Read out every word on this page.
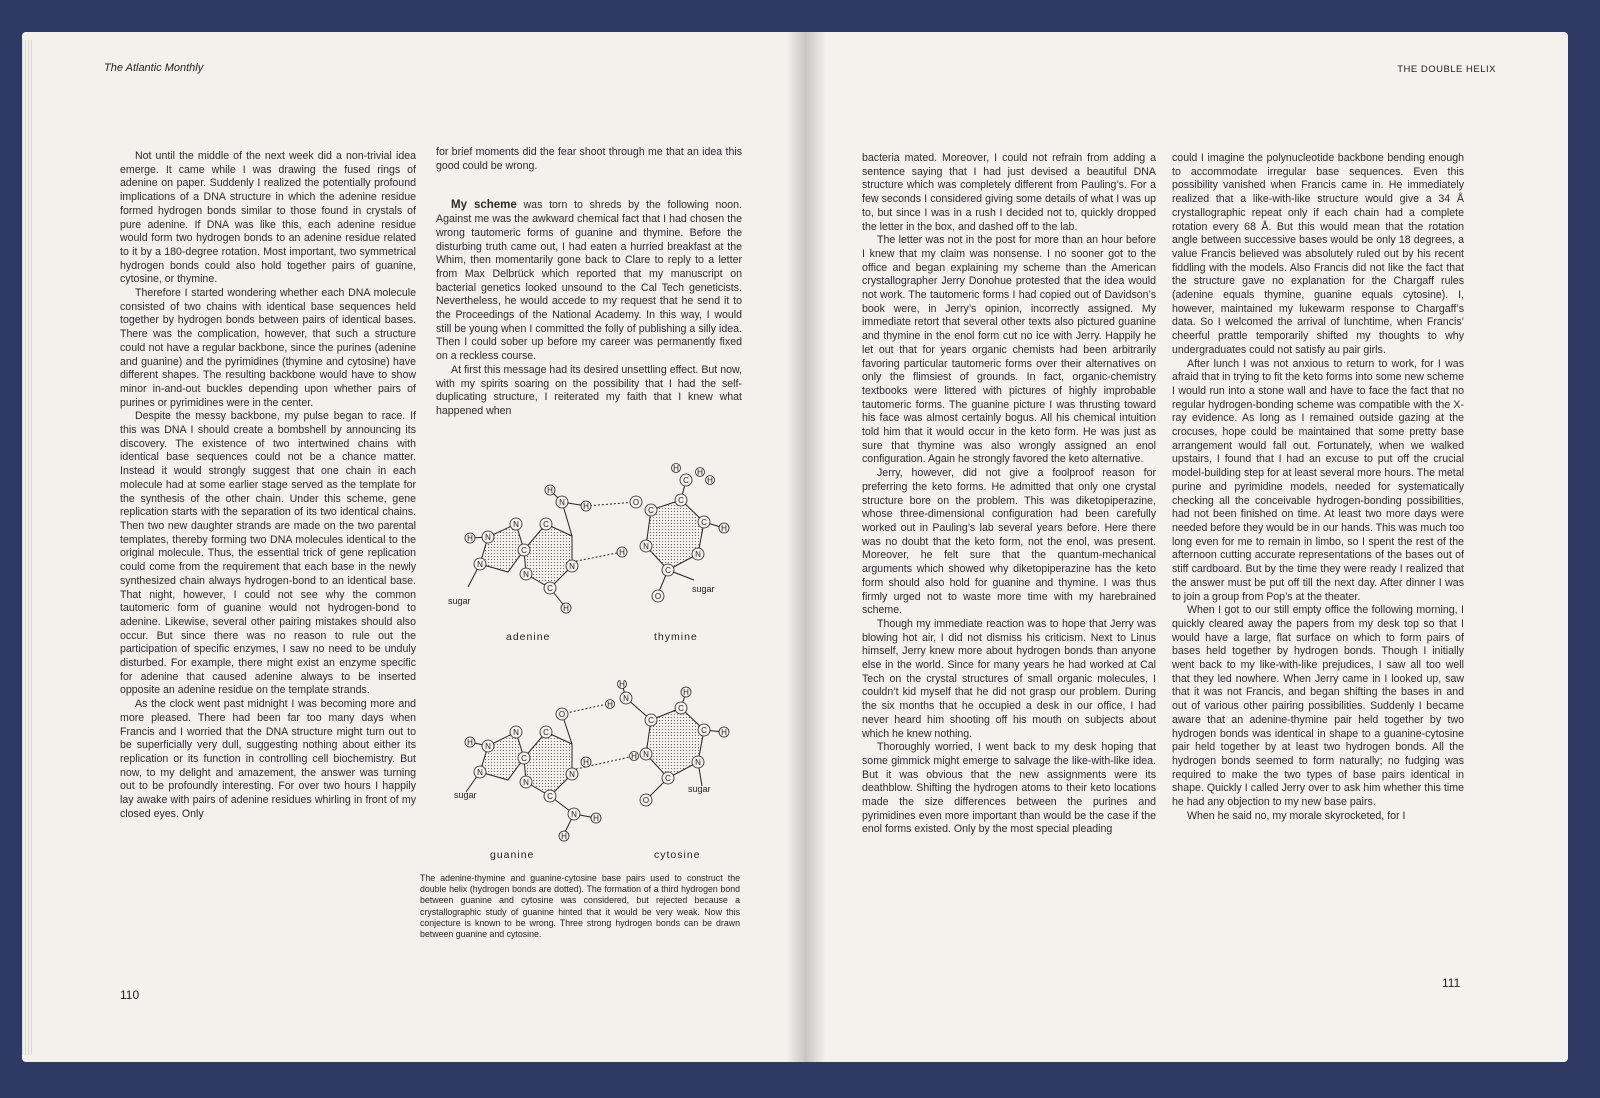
The Atlantic Monthly	THE DOUBLE HELIX

Not until the middle of the next week did a non-trivial idea emerge. It came while I was drawing the fused rings of adenine on paper. Suddenly I realized the potentially profound implications of a DNA structure in which the adenine residue formed hydrogen bonds similar to those found in crystals of pure adenine. If DNA was like this, each adenine residue would form two hydrogen bonds to an adenine residue related to it by a 180-degree rotation. Most important, two symmetrical hydrogen bonds could also hold together pairs of guanine, cytosine, or thymine.

Therefore I started wondering whether each DNA molecule consisted of two chains with identical base sequences held together by hydrogen bonds between pairs of identical bases. There was the complication, however, that such a structure could not have a regular backbone, since the purines (adenine and guanine) and the pyrimidines (thymine and cytosine) have different shapes. The resulting backbone would have to show minor in-and-out buckles depending upon whether pairs of purines or pyrimidines were in the center.

Despite the messy backbone, my pulse began to race. If this was DNA I should create a bombshell by announcing its discovery. The existence of two intertwined chains with identical base sequences could not be a chance matter. Instead it would strongly suggest that one chain in each molecule had at some earlier stage served as the template for the synthesis of the other chain. Under this scheme, gene replication starts with the separation of its two identical chains. Then two new daughter strands are made on the two parental templates, thereby forming two DNA molecules identical to the original molecule. Thus, the essential trick of gene replication could come from the requirement that each base in the newly synthesized chain always hydrogen-bond to an identical base. That night, however, I could not see why the common tautomeric form of guanine would not hydrogen-bond to adenine. Likewise, several other pairing mistakes should also occur. But since there was no reason to rule out the participation of specific enzymes, I saw no need to be unduly disturbed. For example, there might exist an enzyme specific for adenine that caused adenine always to be inserted opposite an adenine residue on the template strands.

As the clock went past midnight I was becoming more and more pleased. There had been far too many days when Francis and I worried that the DNA structure might turn out to be superficially very dull, suggesting nothing about either its replication or its function in controlling cell biochemistry. But now, to my delight and amazement, the answer was turning out to be profoundly interesting. For over two hours I happily lay awake with pairs of adenine residues whirling in front of my closed eyes. Only

for brief moments did the fear shoot through me that an idea this good could be wrong.

My scheme was torn to shreds by the following noon. Against me was the awkward chemical fact that I had chosen the wrong tautomeric forms of guanine and thymine. Before the disturbing truth came out, I had eaten a hurried breakfast at the Whim, then momentarily gone back to Clare to reply to a letter from Max Delbrück which reported that my manuscript on bacterial genetics looked unsound to the Cal Tech geneticists. Nevertheless, he would accede to my request that he send it to the Proceedings of the National Academy. In this way, I would still be young when I committed the folly of publishing a silly idea. Then I could sober up before my career was permanently fixed on a reckless course.

At first this message had its desired unsettling effect. But now, with my spirits soaring on the possibility that I had the self-duplicating structure, I reiterated my faith that I knew what happened when

N
N
N
H
H
N H
N
N
C
H
C
C
C
O	C
C
H H
H
C
H
N
C
O
N
H
sugar
sugar
adenine	thymine
N
N
N
H
O
N
H
N
C
N H
H
C
C
N
H
H
C
C
H
C H
N
C
O
N
H
sugar
sugar
guanine	cytosine
The adenine-thymine and guanine-cytosine base pairs used to construct the double helix (hydrogen bonds are dotted). The formation of a third hydrogen bond between guanine and cytosine was considered, but rejected because a crystallographic study of guanine hinted that it would be very weak. Now this conjecture is known to be wrong. Three strong hydrogen bonds can be drawn between guanine and cytosine.
110

bacteria mated. Moreover, I could not refrain from adding a sentence saying that I had just devised a beautiful DNA structure which was completely different from Pauling’s. For a few seconds I considered giving some details of what I was up to, but since I was in a rush I decided not to, quickly dropped the letter in the box, and dashed off to the lab.

The letter was not in the post for more than an hour before I knew that my claim was nonsense. I no sooner got to the office and began explaining my scheme than the American crystallographer Jerry Donohue protested that the idea would not work. The tautomeric forms I had copied out of Davidson’s book were, in Jerry’s opinion, incorrectly assigned. My immediate retort that several other texts also pictured guanine and thymine in the enol form cut no ice with Jerry. Happily he let out that for years organic chemists had been arbitrarily favoring particular tautomeric forms over their alternatives on only the flimsiest of grounds. In fact, organic-chemistry textbooks were littered with pictures of highly improbable tautomeric forms. The guanine picture I was thrusting toward his face was almost certainly bogus. All his chemical intuition told him that it would occur in the keto form. He was just as sure that thymine was also wrongly assigned an enol configuration. Again he strongly favored the keto alternative.

Jerry, however, did not give a foolproof reason for preferring the keto forms. He admitted that only one crystal structure bore on the problem. This was diketopiperazine, whose three-dimensional configuration had been carefully worked out in Pauling’s lab several years before. Here there was no doubt that the keto form, not the enol, was present. Moreover, he felt sure that the quantum-mechanical arguments which showed why diketopiperazine has the keto form should also hold for guanine and thymine. I was thus firmly urged not to waste more time with my harebrained scheme.

Though my immediate reaction was to hope that Jerry was blowing hot air, I did not dismiss his criticism. Next to Linus himself, Jerry knew more about hydrogen bonds than anyone else in the world. Since for many years he had worked at Cal Tech on the crystal structures of small organic molecules, I couldn’t kid myself that he did not grasp our problem. During the six months that he occupied a desk in our office, I had never heard him shooting off his mouth on subjects about which he knew nothing.

Thoroughly worried, I went back to my desk hoping that some gimmick might emerge to salvage the like-with-like idea. But it was obvious that the new assignments were its deathblow. Shifting the hydrogen atoms to their keto locations made the size differences between the purines and pyrimidines even more important than would be the case if the enol forms existed. Only by the most special pleading

could I imagine the polynucleotide backbone bending enough to accommodate irregular base sequences. Even this possibility vanished when Francis came in. He immediately realized that a like-with-like structure would give a 34 Å crystallographic repeat only if each chain had a complete rotation every 68 Å. But this would mean that the rotation angle between successive bases would be only 18 degrees, a value Francis believed was absolutely ruled out by his recent fiddling with the models. Also Francis did not like the fact that the structure gave no explanation for the Chargaff rules (adenine equals thymine, guanine equals cytosine). I, however, maintained my lukewarm response to Chargaff’s data. So I welcomed the arrival of lunchtime, when Francis’ cheerful prattle temporarily shifted my thoughts to why undergraduates could not satisfy au pair girls.

After lunch I was not anxious to return to work, for I was afraid that in trying to fit the keto forms into some new scheme I would run into a stone wall and have to face the fact that no regular hydrogen-bonding scheme was compatible with the X-ray evidence. As long as I remained outside gazing at the crocuses, hope could be maintained that some pretty base arrangement would fall out. Fortunately, when we walked upstairs, I found that I had an excuse to put off the crucial model-building step for at least several more hours. The metal purine and pyrimidine models, needed for systematically checking all the conceivable hydrogen-bonding possibilities, had not been finished on time. At least two more days were needed before they would be in our hands. This was much too long even for me to remain in limbo, so I spent the rest of the afternoon cutting accurate representations of the bases out of stiff cardboard. But by the time they were ready I realized that the answer must be put off till the next day. After dinner I was to join a group from Pop’s at the theater.

When I got to our still empty office the following morning, I quickly cleared away the papers from my desk top so that I would have a large, flat surface on which to form pairs of bases held together by hydrogen bonds. Though I initially went back to my like-with-like prejudices, I saw all too well that they led nowhere. When Jerry came in I looked up, saw that it was not Francis, and began shifting the bases in and out of various other pairing possibilities. Suddenly I became aware that an adenine-thymine pair held together by two hydrogen bonds was identical in shape to a guanine-cytosine pair held together by at least two hydrogen bonds. All the hydrogen bonds seemed to form naturally; no fudging was required to make the two types of base pairs identical in shape. Quickly I called Jerry over to ask him whether this time he had any objection to my new base pairs.

When he said no, my morale skyrocketed, for I

111
